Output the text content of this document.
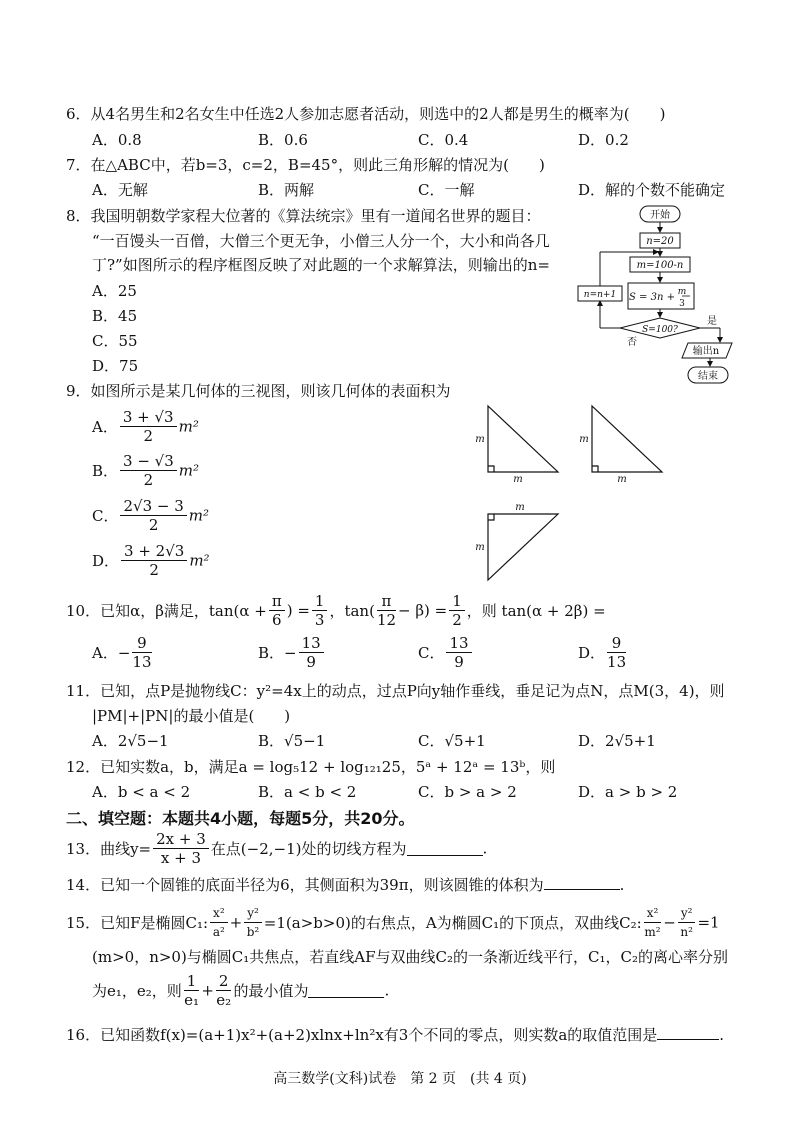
6．从4名男生和2名女生中任选2人参加志愿者活动，则选中的2人都是男生的概率为(　　)
A．0.8	B．0.6	C．0.4	D．0.2
7．在△ABC中，若b=3，c=2，B=45°，则此三角形解的情况为(　　)
A．无解	B．两解	C．一解	D．解的个数不能确定
8．我国明朝数学家程大位著的《算法统宗》里有一道闻名世界的题目：
“一百馒头一百僧，大僧三个更无争，小僧三人分一个，大小和尚各几
丁?”如图所示的程序框图反映了对此题的一个求解算法，则输出的n=
A．25
B．45
C．55
D．75
开始
n=20
m=100-n
S = 3n + m
3
S=100?
n=n+1
输出n
结束
是
否
9．如图所示是某几何体的三视图，则该几何体的表面积为
A． $\frac{3 + √3}{2} m^2$
B． $\frac{3 - √3}{2} m^2$
C． $\frac{2√3 - 3}{2} m^2$
D． $\frac{3 + 2√3}{2} m^2$
m
m
m
m
m
m
10．已知α，β满足，$\tan(\alpha + \frac{\pi}{6}$ ) = $\frac{1}{3}$ ，$\tan( \frac{\pi}{12} - \beta) = \frac{1}{2}$ ，则 tan(α + 2β) =
A．− $\frac{9}{13}$	B．− $\frac{13}{9}$	C． $\frac{13}{9}$	D． $\frac{9}{13}$
11．已知，点P是抛物线C：y²=4x上的动点，过点P向y轴作垂线，垂足记为点N，点M(3，4)，则
|PM|+|PN|的最小值是(　　)
A．2√5−1	B．√5−1	C．√5+1	D．2√5+1
12．已知实数a，b，满足a = log₅12 + log₁₂₁25，5ᵃ + 12ᵃ = 13ᵇ，则
A．b < a < 2	B．a < b < 2	C．b > a > 2	D．a > b > 2
二、填空题：本题共4小题，每题5分，共20分。
13．曲线$y= \frac{2x + 3}{x + 3}$ 在点(−2,−1)处的切线方程为	.
14．已知一个圆锥的底面半径为6，其侧面积为39π，则该圆锥的体积为	.
15．已知F是椭圆C₁: $\frac{\text{x²}}{\text{a²}} + \frac{\text{y²}}{\text{b²}} =1(a>b>0)$的右焦点，A为椭圆C₁的下顶点，双曲线C₂: $\frac{\text{x²}}{\text{m²}} - \frac{\text{y²}}{\text{n²}} =1$
(m>0，n>0)与椭圆C₁共焦点，若直线AF与双曲线C₂的一条渐近线平行，C₁，C₂的离心率分别
为e₁，e₂，则 $\frac{1}{\text{e₁}} + \frac{2}{\text{e₂}}$ 的最小值为	.
16．已知函数f(x)=(a+1)x²+(a+2)xlnx+ln²x有3个不同的零点，则实数a的取值范围是	.
高三数学(文科)试卷　第 2 页　(共 4 页)
